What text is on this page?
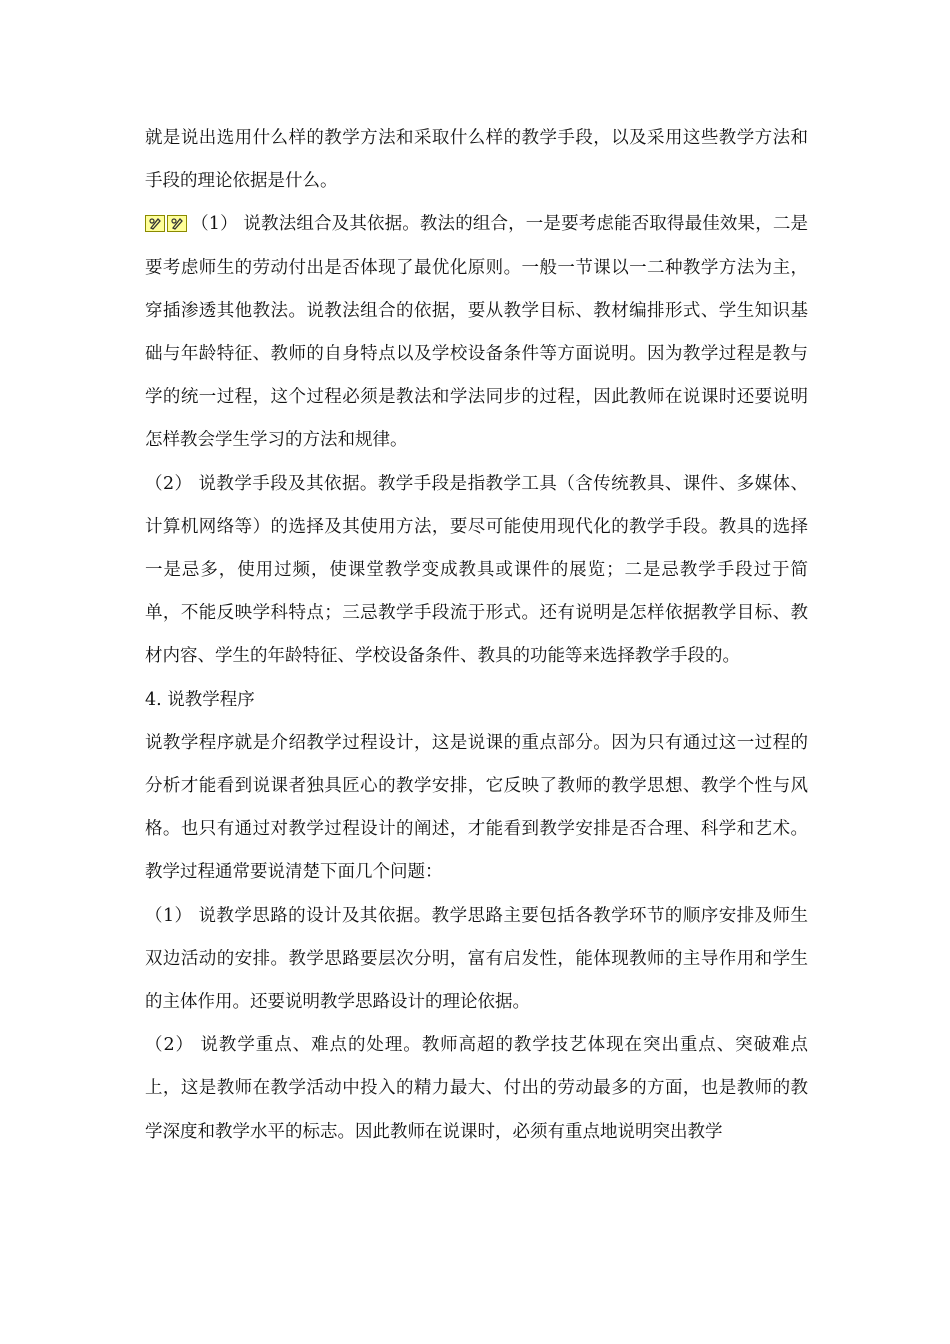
就是说出选用什么样的教学方法和采取什么样的教学手段，以及采用这些教学方法和手段的理论依据是什么。

（1） 说教法组合及其依据。教法的组合，一是要考虑能否取得最佳效果，二是要考虑师生的劳动付出是否体现了最优化原则。一般一节课以一二种教学方法为主，穿插渗透其他教法。说教法组合的依据，要从教学目标、教材编排形式、学生知识基础与年龄特征、教师的自身特点以及学校设备条件等方面说明。因为教学过程是教与学的统一过程，这个过程必须是教法和学法同步的过程，因此教师在说课时还要说明怎样教会学生学习的方法和规律。

（2） 说教学手段及其依据。教学手段是指教学工具（含传统教具、课件、多媒体、计算机网络等）的选择及其使用方法，要尽可能使用现代化的教学手段。教具的选择一是忌多，使用过频，使课堂教学变成教具或课件的展览；二是忌教学手段过于简单，不能反映学科特点；三忌教学手段流于形式。还有说明是怎样依据教学目标、教材内容、学生的年龄特征、学校设备条件、教具的功能等来选择教学手段的。

4. 说教学程序

说教学程序就是介绍教学过程设计，这是说课的重点部分。因为只有通过这一过程的分析才能看到说课者独具匠心的教学安排，它反映了教师的教学思想、教学个性与风格。也只有通过对教学过程设计的阐述，才能看到教学安排是否合理、科学和艺术。教学过程通常要说清楚下面几个问题：

（1） 说教学思路的设计及其依据。教学思路主要包括各教学环节的顺序安排及师生双边活动的安排。教学思路要层次分明，富有启发性，能体现教师的主导作用和学生的主体作用。还要说明教学思路设计的理论依据。

（2） 说教学重点、难点的处理。教师高超的教学技艺体现在突出重点、突破难点上，这是教师在教学活动中投入的精力最大、付出的劳动最多的方面，也是教师的教学深度和教学水平的标志。因此教师在说课时，必须有重点地说明突出教学
